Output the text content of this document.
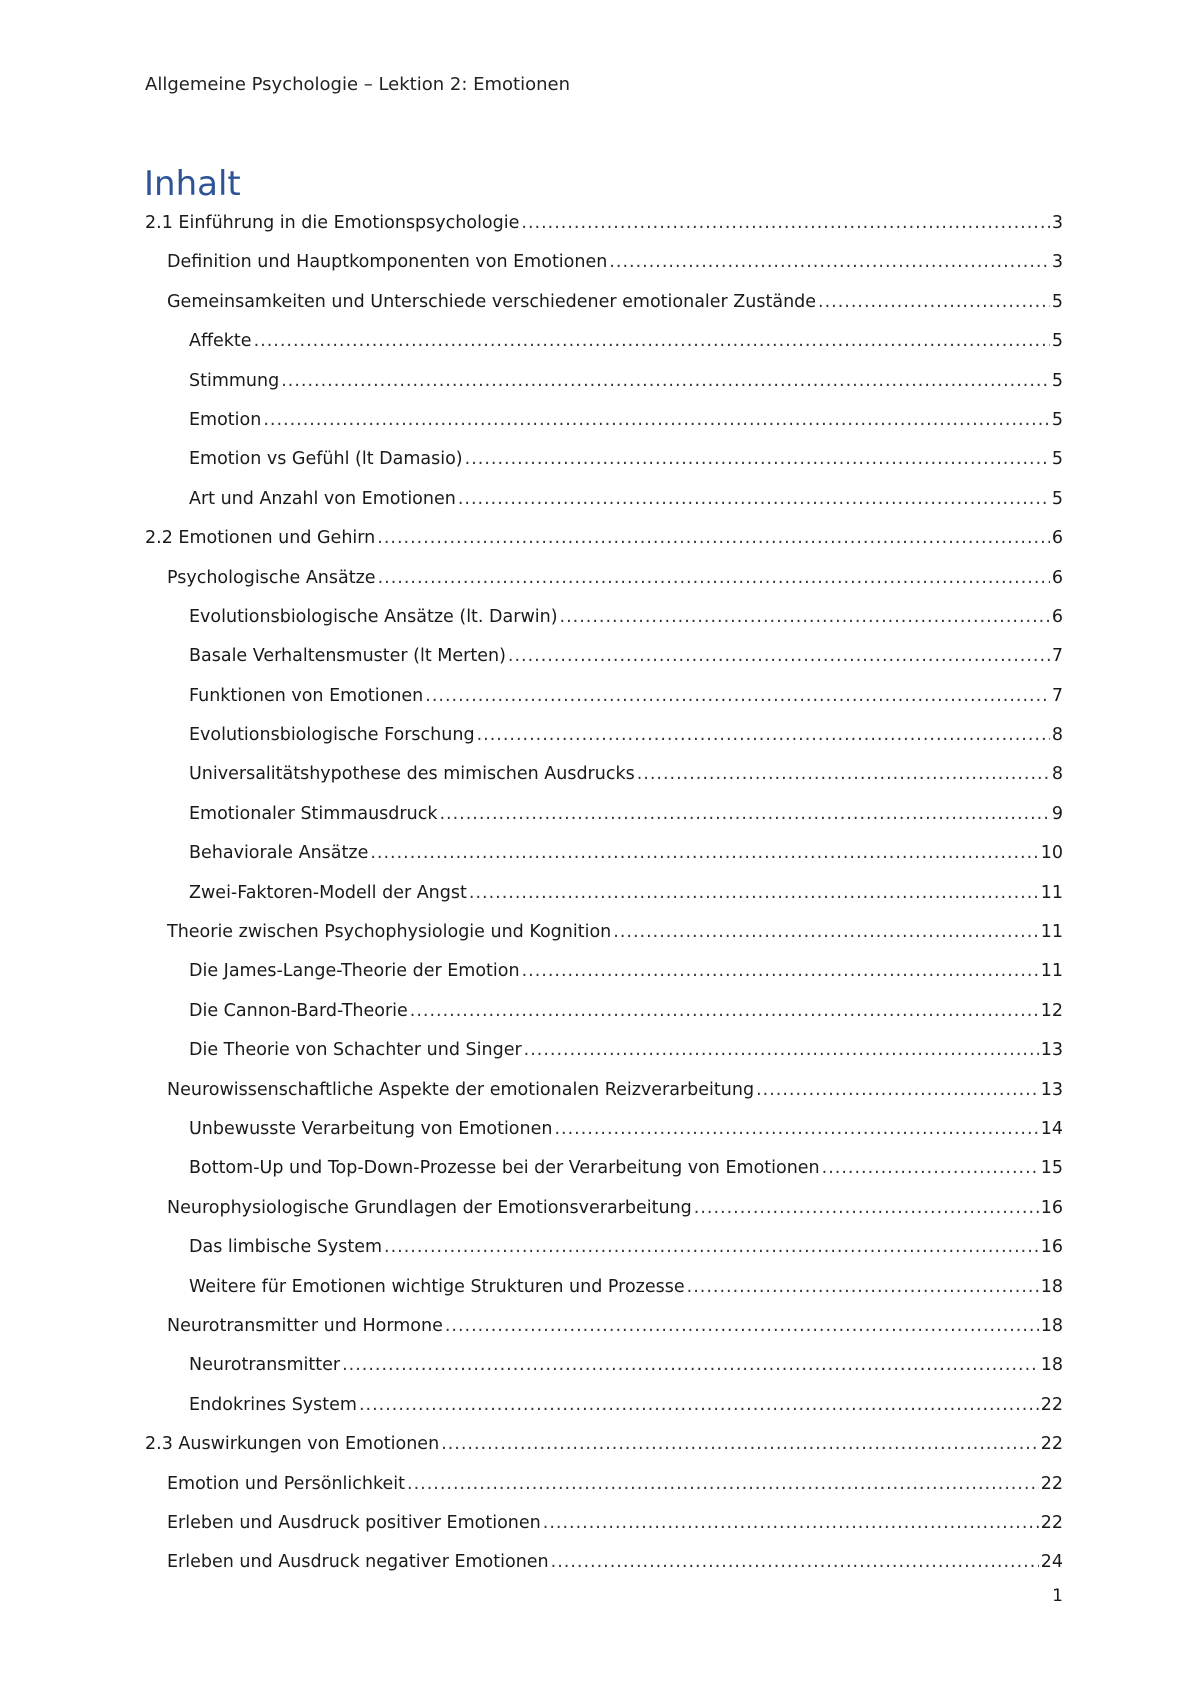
Allgemeine Psychologie – Lektion 2: Emotionen
Inhalt
2.1 Einführung in die Emotionspsychologie .....	3
Definition und Hauptkomponenten von Emotionen .....	3
Gemeinsamkeiten und Unterschiede verschiedener emotionaler Zustände .....	5
Affekte .....	5
Stimmung .....	5
Emotion .....	5
Emotion vs Gefühl (lt Damasio) .....	5
Art und Anzahl von Emotionen .....	5
2.2 Emotionen und Gehirn .....	6
Psychologische Ansätze .....	6
Evolutionsbiologische Ansätze (lt. Darwin) .....	6
Basale Verhaltensmuster (lt Merten) .....	7
Funktionen von Emotionen .....	7
Evolutionsbiologische Forschung .....	8
Universalitätshypothese des mimischen Ausdrucks .....	8
Emotionaler Stimmausdruck .....	9
Behaviorale Ansätze .....	10
Zwei-Faktoren-Modell der Angst .....	11
Theorie zwischen Psychophysiologie und Kognition .....	11
Die James-Lange-Theorie der Emotion .....	11
Die Cannon-Bard-Theorie .....	12
Die Theorie von Schachter und Singer .....	13
Neurowissenschaftliche Aspekte der emotionalen Reizverarbeitung .....	13
Unbewusste Verarbeitung von Emotionen .....	14
Bottom-Up und Top-Down-Prozesse bei der Verarbeitung von Emotionen .....	15
Neurophysiologische Grundlagen der Emotionsverarbeitung .....	16
Das limbische System .....	16
Weitere für Emotionen wichtige Strukturen und Prozesse .....	18
Neurotransmitter und Hormone .....	18
Neurotransmitter .....	18
Endokrines System .....	22
2.3 Auswirkungen von Emotionen .....	22
Emotion und Persönlichkeit .....	22
Erleben und Ausdruck positiver Emotionen .....	22
Erleben und Ausdruck negativer Emotionen .....	24
1
